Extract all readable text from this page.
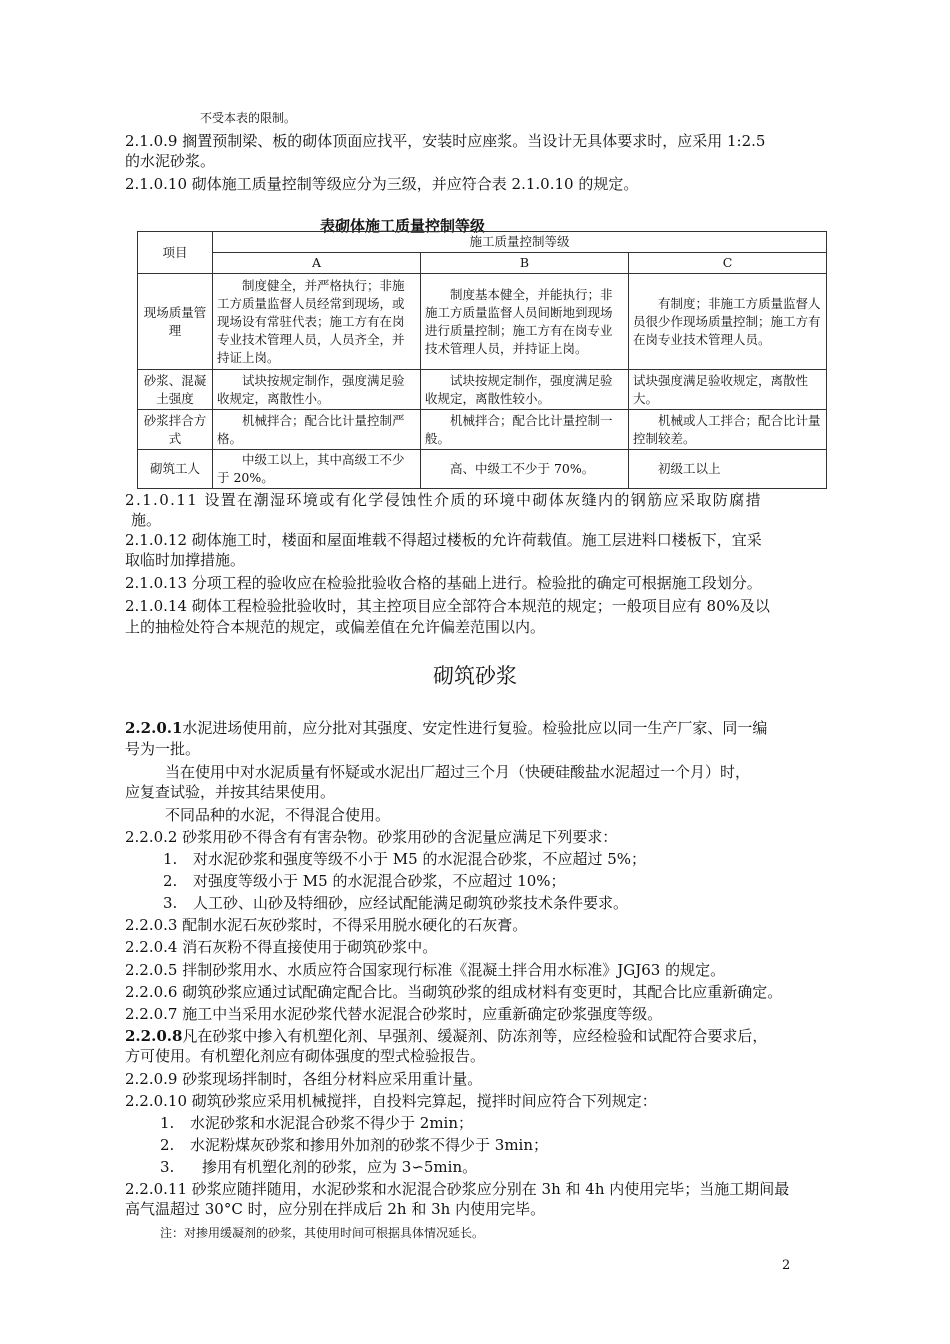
不受本表的限制。
2.1.0.9 搁置预制梁、板的砌体顶面应找平，安装时应座浆。当设计无具体要求时，应采用 1:2.5
的水泥砂浆。
2.1.0.10 砌体施工质量控制等级应分为三级，并应符合表 2.1.0.10 的规定。
表砌体施工质量控制等级
项目	施工质量控制等级		
	A	B	C
现场质量管理	制度健全，并严格执行；非施工方质量监督人员经常到现场，或现场设有常驻代表；施工方有在岗专业技术管理人员，人员齐全，并持证上岗。	制度基本健全，并能执行；非施工方质量监督人员间断地到现场进行质量控制；施工方有在岗专业技术管理人员，并持证上岗。	有制度；非施工方质量监督人员很少作现场质量控制；施工方有在岗专业技术管理人员。
砂浆、混凝土强度	试块按规定制作，强度满足验收规定，离散性小。	试块按规定制作，强度满足验收规定，离散性较小。	试块强度满足验收规定，离散性大。
砂浆拌合方式	机械拌合；配合比计量控制严格。	机械拌合；配合比计量控制一般。	机械或人工拌合；配合比计量控制较差。
砌筑工人	中级工以上，其中高级工不少于 20%。	高、中级工不少于 70%。	初级工以上
2.1.0.11 设置在潮湿环境或有化学侵蚀性介质的环境中砌体灰缝内的钢筋应采取防腐措
施。
2.1.0.12 砌体施工时，楼面和屋面堆载不得超过楼板的允许荷载值。施工层进料口楼板下，宜采
取临时加撑措施。
2.1.0.13 分项工程的验收应在检验批验收合格的基础上进行。检验批的确定可根据施工段划分。
2.1.0.14 砌体工程检验批验收时，其主控项目应全部符合本规范的规定；一般项目应有 80%及以
上的抽检处符合本规范的规定，或偏差值在允许偏差范围以内。
砌筑砂浆
2.2.0.1水泥进场使用前，应分批对其强度、安定性进行复验。检验批应以同一生产厂家、同一编
号为一批。
当在使用中对水泥质量有怀疑或水泥出厂超过三个月（快硬硅酸盐水泥超过一个月）时，
应复查试验，并按其结果使用。
不同品种的水泥，不得混合使用。
2.2.0.2 砂浆用砂不得含有有害杂物。砂浆用砂的含泥量应满足下列要求：
1. 对水泥砂浆和强度等级不小于 M5 的水泥混合砂浆，不应超过 5%；
2. 对强度等级小于 M5 的水泥混合砂浆，不应超过 10%；
3. 人工砂、山砂及特细砂，应经试配能满足砌筑砂浆技术条件要求。
2.2.0.3 配制水泥石灰砂浆时，不得采用脱水硬化的石灰膏。
2.2.0.4 消石灰粉不得直接使用于砌筑砂浆中。
2.2.0.5 拌制砂浆用水、水质应符合国家现行标准《混凝土拌合用水标准》JGJ63 的规定。
2.2.0.6 砌筑砂浆应通过试配确定配合比。当砌筑砂浆的组成材料有变更时，其配合比应重新确定。
2.2.0.7 施工中当采用水泥砂浆代替水泥混合砂浆时，应重新确定砂浆强度等级。
2.2.0.8凡在砂浆中掺入有机塑化剂、早强剂、缓凝剂、防冻剂等，应经检验和试配符合要求后，
方可使用。有机塑化剂应有砌体强度的型式检验报告。
2.2.0.9 砂浆现场拌制时，各组分材料应采用重计量。
2.2.0.10 砌筑砂浆应采用机械搅拌，自投料完算起，搅拌时间应符合下列规定：
1. 水泥砂浆和水泥混合砂浆不得少于 2min；
2. 水泥粉煤灰砂浆和掺用外加剂的砂浆不得少于 3min；
3. 掺用有机塑化剂的砂浆，应为 3∽5min。
2.2.0.11 砂浆应随拌随用，水泥砂浆和水泥混合砂浆应分别在 3h 和 4h 内使用完毕；当施工期间最
高气温超过 30°C 时，应分别在拌成后 2h 和 3h 内使用完毕。
注：对掺用缓凝剂的砂浆，其使用时间可根据具体情况延长。
2
